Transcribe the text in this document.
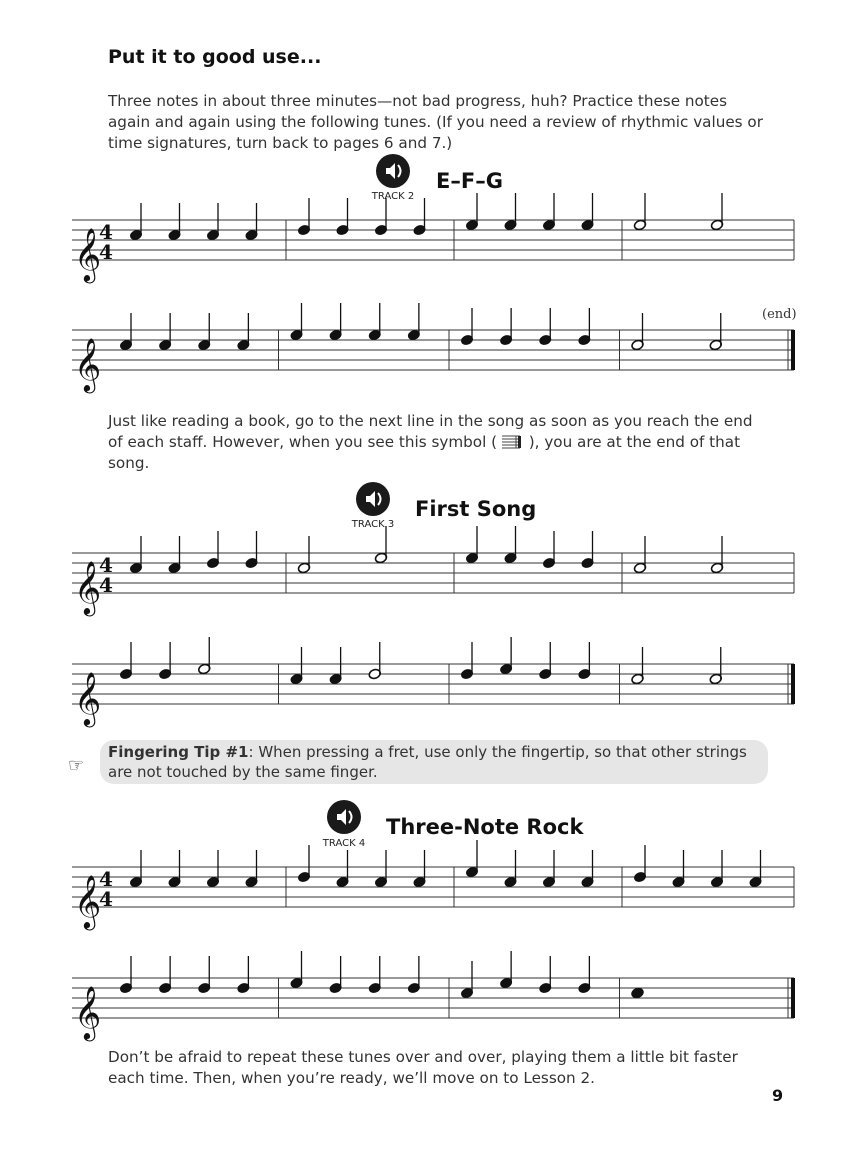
Put it to good use...
Three notes in about three minutes—not bad progress, huh? Practice these notes again and again using the following tunes. (If you need a review of rhythmic values or time signatures, turn back to pages 6 and 7.)
TRACK 2
E–F–G
𝄞
4
4
(end)
𝄞
Just like reading a book, go to the next line in the song as soon as you reach the end of each staff. However, when you see this symbol (  ), you are at the end of that song.
TRACK 3
First Song
𝄞
4
4
𝄞
☞
Fingering Tip #1: When pressing a fret, use only the fingertip, so that other strings are not touched by the same finger.
TRACK 4
Three-Note Rock
𝄞
4
4
𝄞
Don’t be afraid to repeat these tunes over and over, playing them a little bit faster each time. Then, when you’re ready, we’ll move on to Lesson 2.
9
